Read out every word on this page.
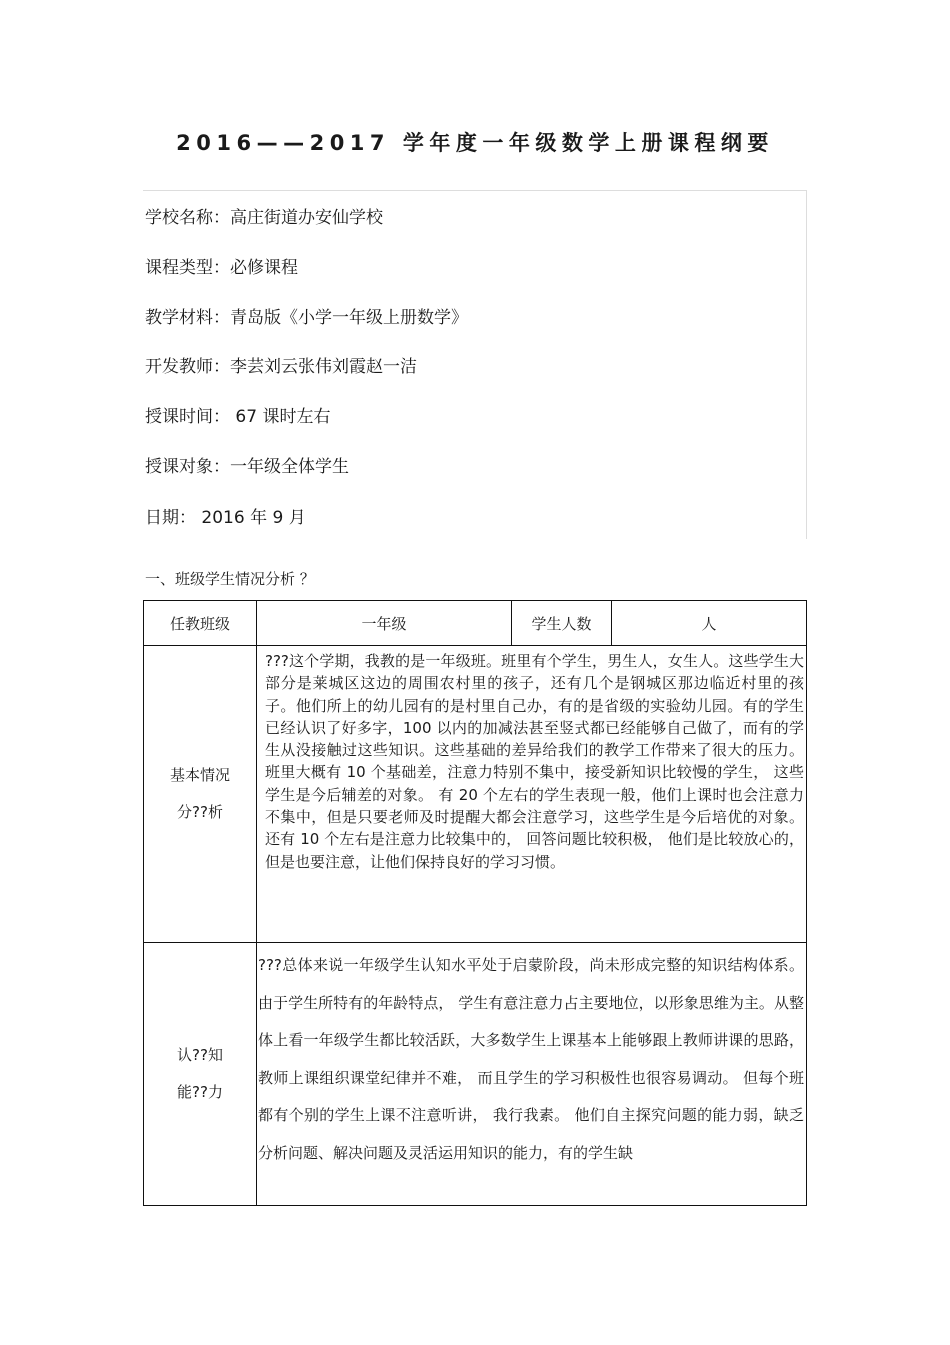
2016——2017 学年度一年级数学上册课程纲要
学校名称：高庄街道办安仙学校
课程类型：必修课程
教学材料：青岛版《小学一年级上册数学》
开发教师：李芸刘云张伟刘霞赵一洁
授课时间： 67 课时左右
授课对象：一年级全体学生
日期： 2016 年 9 月
一、班级学生情况分析 ？
任教班级	一年级	学生人数	人

基本情况
分??析	???这个学期，我教的是一年级班。班里有个学生，男生人，女生人。这些学生大部分是莱城区这边的周围农村里的孩子，还有几个是钢城区那边临近村里的孩子。他们所上的幼儿园有的是村里自己办，有的是省级的实验幼儿园。有的学生已经认识了好多字，100 以内的加减法甚至竖式都已经能够自己做了，而有的学生从没接触过这些知识。这些基础的差异给我们的教学工作带来了很大的压力。班里大概有 10 个基础差，注意力特别不集中，接受新知识比较慢的学生， 这些学生是今后辅差的对象。 有 20 个左右的学生表现一般，他们上课时也会注意力不集中，但是只要老师及时提醒大都会注意学习，这些学生是今后培优的对象。还有 10 个左右是注意力比较集中的， 回答问题比较积极， 他们是比较放心的，但是也要注意，让他们保持良好的学习习惯。		

认??知
能??力	???总体来说一年级学生认知水平处于启蒙阶段，尚未形成完整的知识结构体系。 由于学生所特有的年龄特点， 学生有意注意力占主要地位，以形象思维为主。从整体上看一年级学生都比较活跃，大多数学生上课基本上能够跟上教师讲课的思路， 教师上课组织课堂纪律并不难， 而且学生的学习积极性也很容易调动。 但每个班都有个别的学生上课不注意听讲， 我行我素。 他们自主探究问题的能力弱，缺乏分析问题、解决问题及灵活运用知识的能力，有的学生缺		
